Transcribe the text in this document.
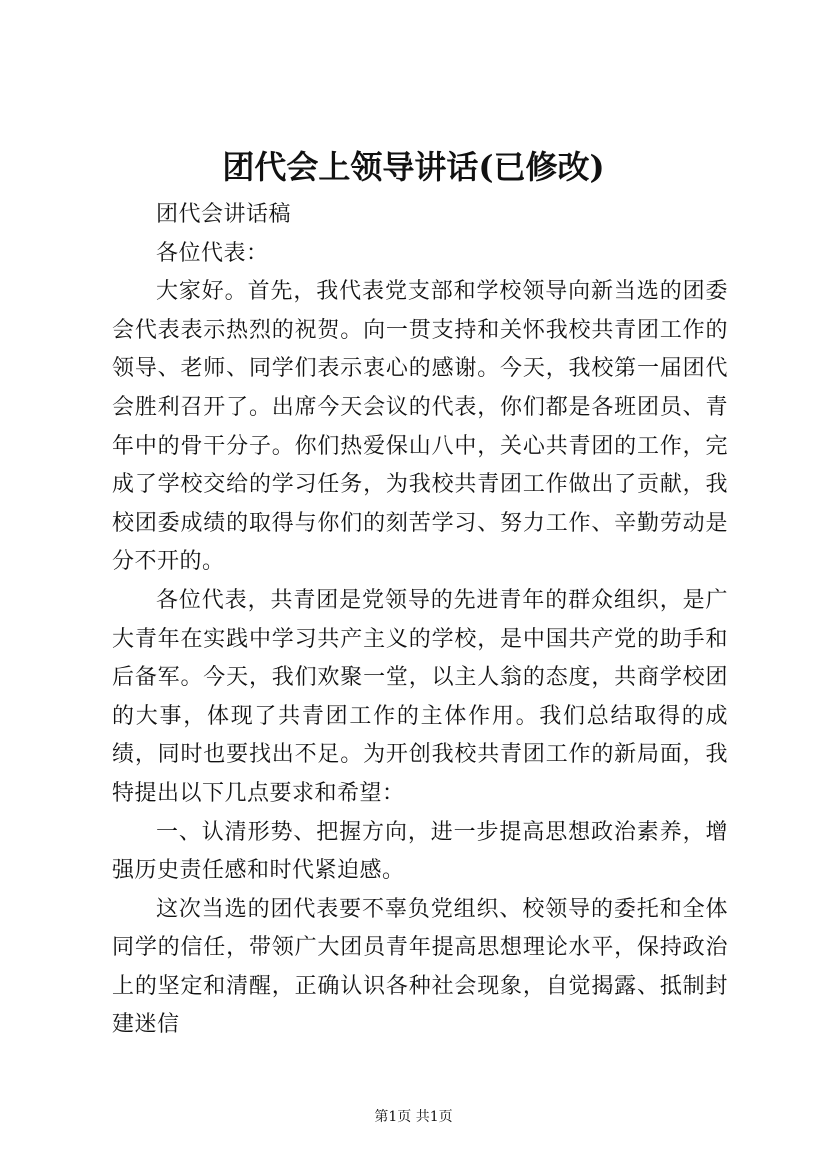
团代会上领导讲话(已修改)

团代会讲话稿

各位代表：

大家好。首先，我代表党支部和学校领导向新当选的团委会代表表示热烈的祝贺。向一贯支持和关怀我校共青团工作的领导、老师、同学们表示衷心的感谢。今天，我校第一届团代会胜利召开了。出席今天会议的代表，你们都是各班团员、青年中的骨干分子。你们热爱保山八中，关心共青团的工作，完成了学校交给的学习任务，为我校共青团工作做出了贡献，我校团委成绩的取得与你们的刻苦学习、努力工作、辛勤劳动是分不开的。

各位代表，共青团是党领导的先进青年的群众组织，是广大青年在实践中学习共产主义的学校，是中国共产党的助手和后备军。今天，我们欢聚一堂，以主人翁的态度，共商学校团的大事，体现了共青团工作的主体作用。我们总结取得的成绩，同时也要找出不足。为开创我校共青团工作的新局面，我特提出以下几点要求和希望：

一、认清形势、把握方向，进一步提高思想政治素养，增强历史责任感和时代紧迫感。

这次当选的团代表要不辜负党组织、校领导的委托和全体同学的信任，带领广大团员青年提高思想理论水平，保持政治上的坚定和清醒，正确认识各种社会现象，自觉揭露、抵制封建迷信

第1页 共1页
